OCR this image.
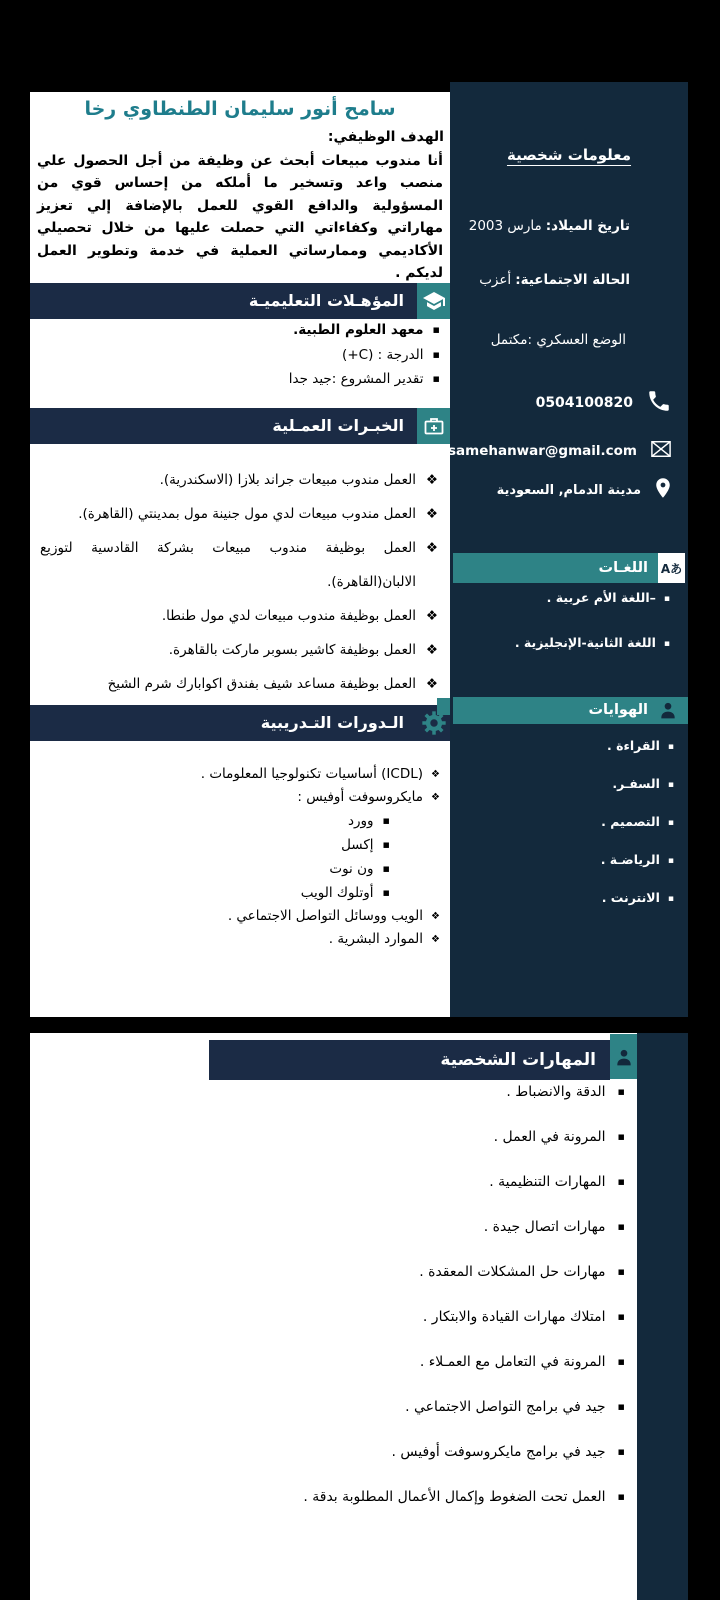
سامح أنور سليمان الطنطاوي رخا
الهدف الوظيفي:
أنا مندوب مبيعات أبحث عن وظيفة من أجل الحصول علي منصب واعد وتسخير ما أملكه من إحساس قوي من المسؤولية والدافع القوي للعمل بالإضافة إلي تعزيز مهاراتي وكفاءاتي التي حصلت عليها من خلال تحصيلي الأكاديمي وممارساتي العملية في خدمة وتطوير العمل لديكم .
المؤهـلات التعليميـة
▪معهد العلوم الطبية.
▪الدرجة : (C+)
▪تقدير المشروع :جيد جدا
الخبـرات العمـلية
❖
العمل مندوب مبيعات جراند بلازا (الاسكندرية).
❖
العمل مندوب مبيعات لدي مول جنينة مول بمدينتي (القاهرة).
❖
العمل بوظيفة مندوب مبيعات بشركة القادسية لتوزيع الالبان(القاهرة).
❖
العمل بوظيفة مندوب مبيعات لدي مول طنطا.
❖
العمل بوظيفة كاشير بسوبر ماركت بالقاهرة.
❖
العمل بوظيفة مساعد شيف بفندق اكوابارك شرم الشيخ
الـدورات التـدريبية
❖(ICDL) أساسيات تكنولوجيا المعلومات .
❖مايكروسوفت أوفيس :
▪وورد
▪إكسل
▪ون نوت
▪أوتلوك الويب
❖الويب ووسائل التواصل الاجتماعي .
❖الموارد البشرية .
معلومات شخصية
تاريخ الميلاد:مارس 2003
الحالة الاجتماعية:أعزب
الوضع العسكري :مكتمل
0504100820
samehanwar@gmail.com
مدينة الدمام, السعودية
اللغـات	Aあ
▪–اللغة الأم عربية .
▪اللغة الثانية-الإنجليزية .
الهوايات
▪القراءة .
▪السفـر.
▪التصميم .
▪الرياضـة .
▪الانترنت .
▪الدقة والانضباط .
▪المرونة في العمل .
▪المهارات التنظيمية .
▪مهارات اتصال جيدة .
▪مهارات حل المشكلات المعقدة .
▪امتلاك مهارات القيادة والابتكار .
▪المرونة في التعامل مع العمـلاء .
▪جيد في برامج التواصل الاجتماعي .
▪جيد في برامج مايكروسوفت أوفيس .
▪العمل تحت الضغوط وإكمال الأعمال المطلوبة بدقة .
المهارات الشخصية
